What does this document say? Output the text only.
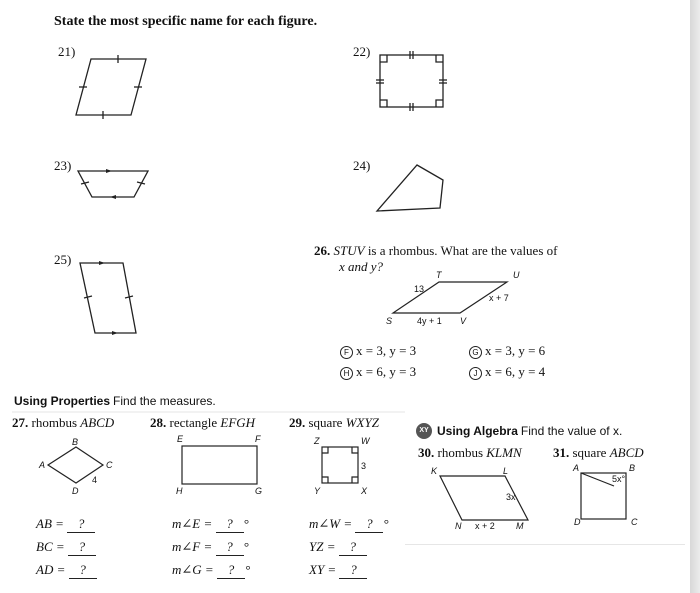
State the most specific name for each figure.
21)	22)
23)	24)
25)
26. STUV is a rhombus. What are the values of
x and y?
T	U
S	V
13
x + 7
4y + 1
F x = 3, y = 3	G x = 3, y = 6
H x = 6, y = 3	J x = 6, y = 4
Using Properties Find the measures.
27. rhombus ABCD	28. rectangle EFGH	29. square WXYZ
XY Using Algebra Find the value of x.
30. rhombus KLMN 31. square ABCD
B
A	C
D
4
E	F
H	G
Z	W
Y	X
3	K	L
N	M
3x
x + 2
A	B
D	C
5x°
AB = ?
BC = ?
AD = ?
m∠E = ? °
m∠F = ? °
m∠G = ? °
m∠W = ? °
YZ = ?
XY = ?
